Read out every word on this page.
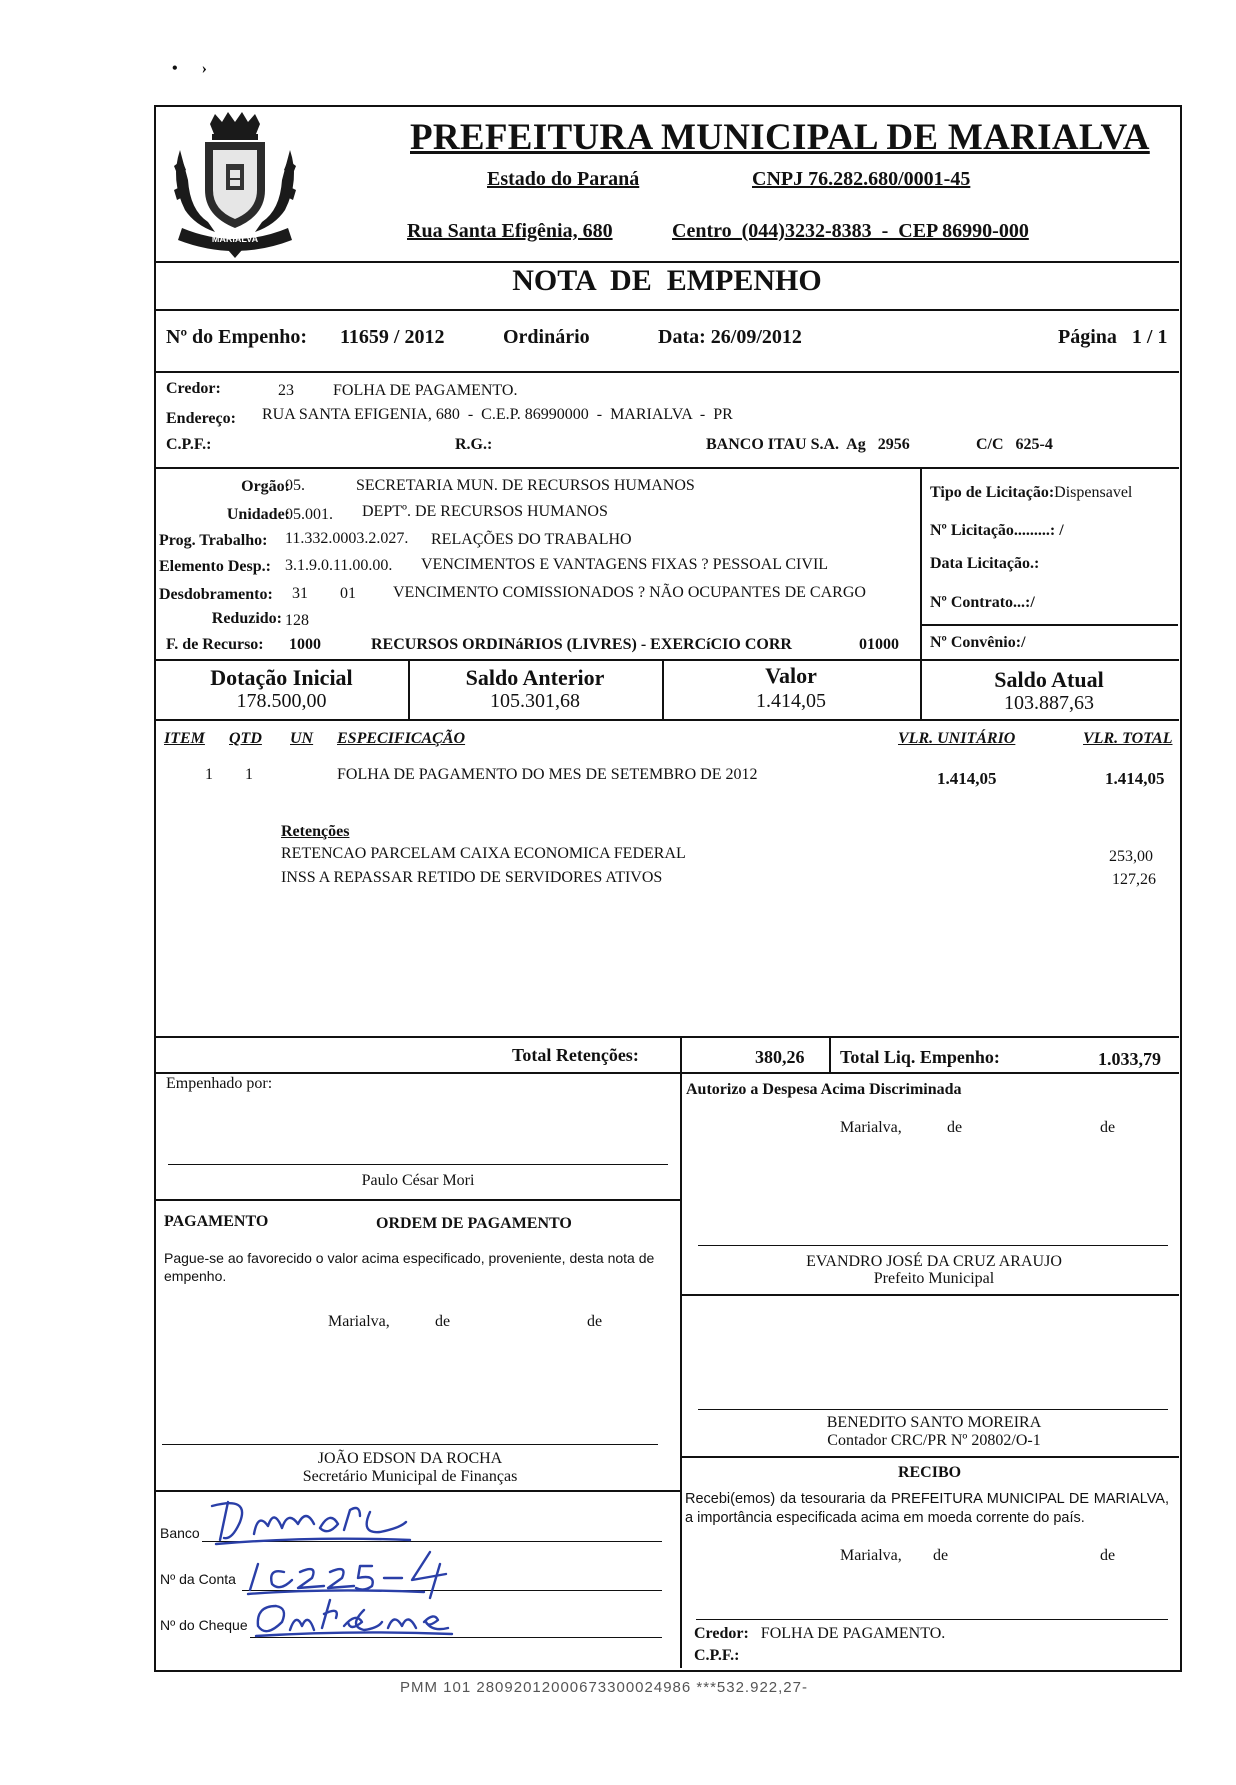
•      ›
MARIALVA
PREFEITURA MUNICIPAL DE MARIALVA
Estado do Paraná	CNPJ 76.282.680/0001-45
Rua Santa Efigênia, 680	Centro  (044)3232-8383  -  CEP 86990-000
NOTA  DE  EMPENHO
Nº do Empenho: 11659 / 2012	Ordinário	Data: 26/09/2012	Página   1 / 1
Credor:	23 FOLHA DE PAGAMENTO.
Endereço: RUA SANTA EFIGENIA, 680  -  C.E.P. 86990000  -  MARIALVA  -  PR
C.P.F.:	R.G.:	BANCO ITAU S.A.  Ag   2956	C/C   625-4
Orgão:
05.	SECRETARIA MUN. DE RECURSOS HUMANOS
Unidade:
05.001. DEPTº. DE RECURSOS HUMANOS
Prog. Trabalho: 11.332.0003.2.027. RELAÇÕES DO TRABALHO
Elemento Desp.: 3.1.9.0.11.00.00. VENCIMENTOS E VANTAGENS FIXAS ? PESSOAL CIVIL
Desdobramento: 31 01 VENCIMENTO COMISSIONADOS ? NÃO OCUPANTES DE CARGO
Reduzido: 128
F. de Recurso: 1000	RECURSOS ORDINáRIOS (LIVRES) - EXERCíCIO CORR	01000
Tipo de Licitação:Dispensavel
Nº Licitação.........: /
Data Licitação.:
Nº Contrato...:/
Nº Convênio:/
Dotação Inicial
178.500,00
Saldo Anterior
105.301,68
Valor
1.414,05
Saldo Atual
103.887,63
ITEM QTD UN ESPECIFICAÇÃO	VLR. UNITÁRIO	VLR. TOTAL
1 1	FOLHA DE PAGAMENTO DO MES DE SETEMBRO DE 2012	1.414,05	1.414,05
Retenções
RETENCAO PARCELAM CAIXA ECONOMICA FEDERAL	253,00
INSS A REPASSAR RETIDO DE SERVIDORES ATIVOS	127,26
Total Retenções:	380,26 Total Liq. Empenho:	1.033,79
Empenhado por:
Paulo César Mori
Autorizo a Despesa Acima Discriminada
Marialva,	de	de
EVANDRO JOSÉ DA CRUZ ARAUJO
Prefeito Municipal
PAGAMENTO	ORDEM DE PAGAMENTO
Pague-se ao favorecido o valor acima especificado, proveniente, desta nota de empenho.
Marialva,	de	de
JOÃO EDSON DA ROCHA
Secretário Municipal de Finanças
BENEDITO SANTO MOREIRA
Contador CRC/PR Nº 20802/O-1
RECIBO
Recebi(emos) da tesouraria da PREFEITURA MUNICIPAL DE MARIALVA, a importância especificada acima em moeda corrente do país.
Marialva, de	de
Credor: FOLHA DE PAGAMENTO.
C.P.F.:
Banco
Nº da Conta
Nº do Cheque
PMM 101 28092012000673300024986 ***532.922,27-
